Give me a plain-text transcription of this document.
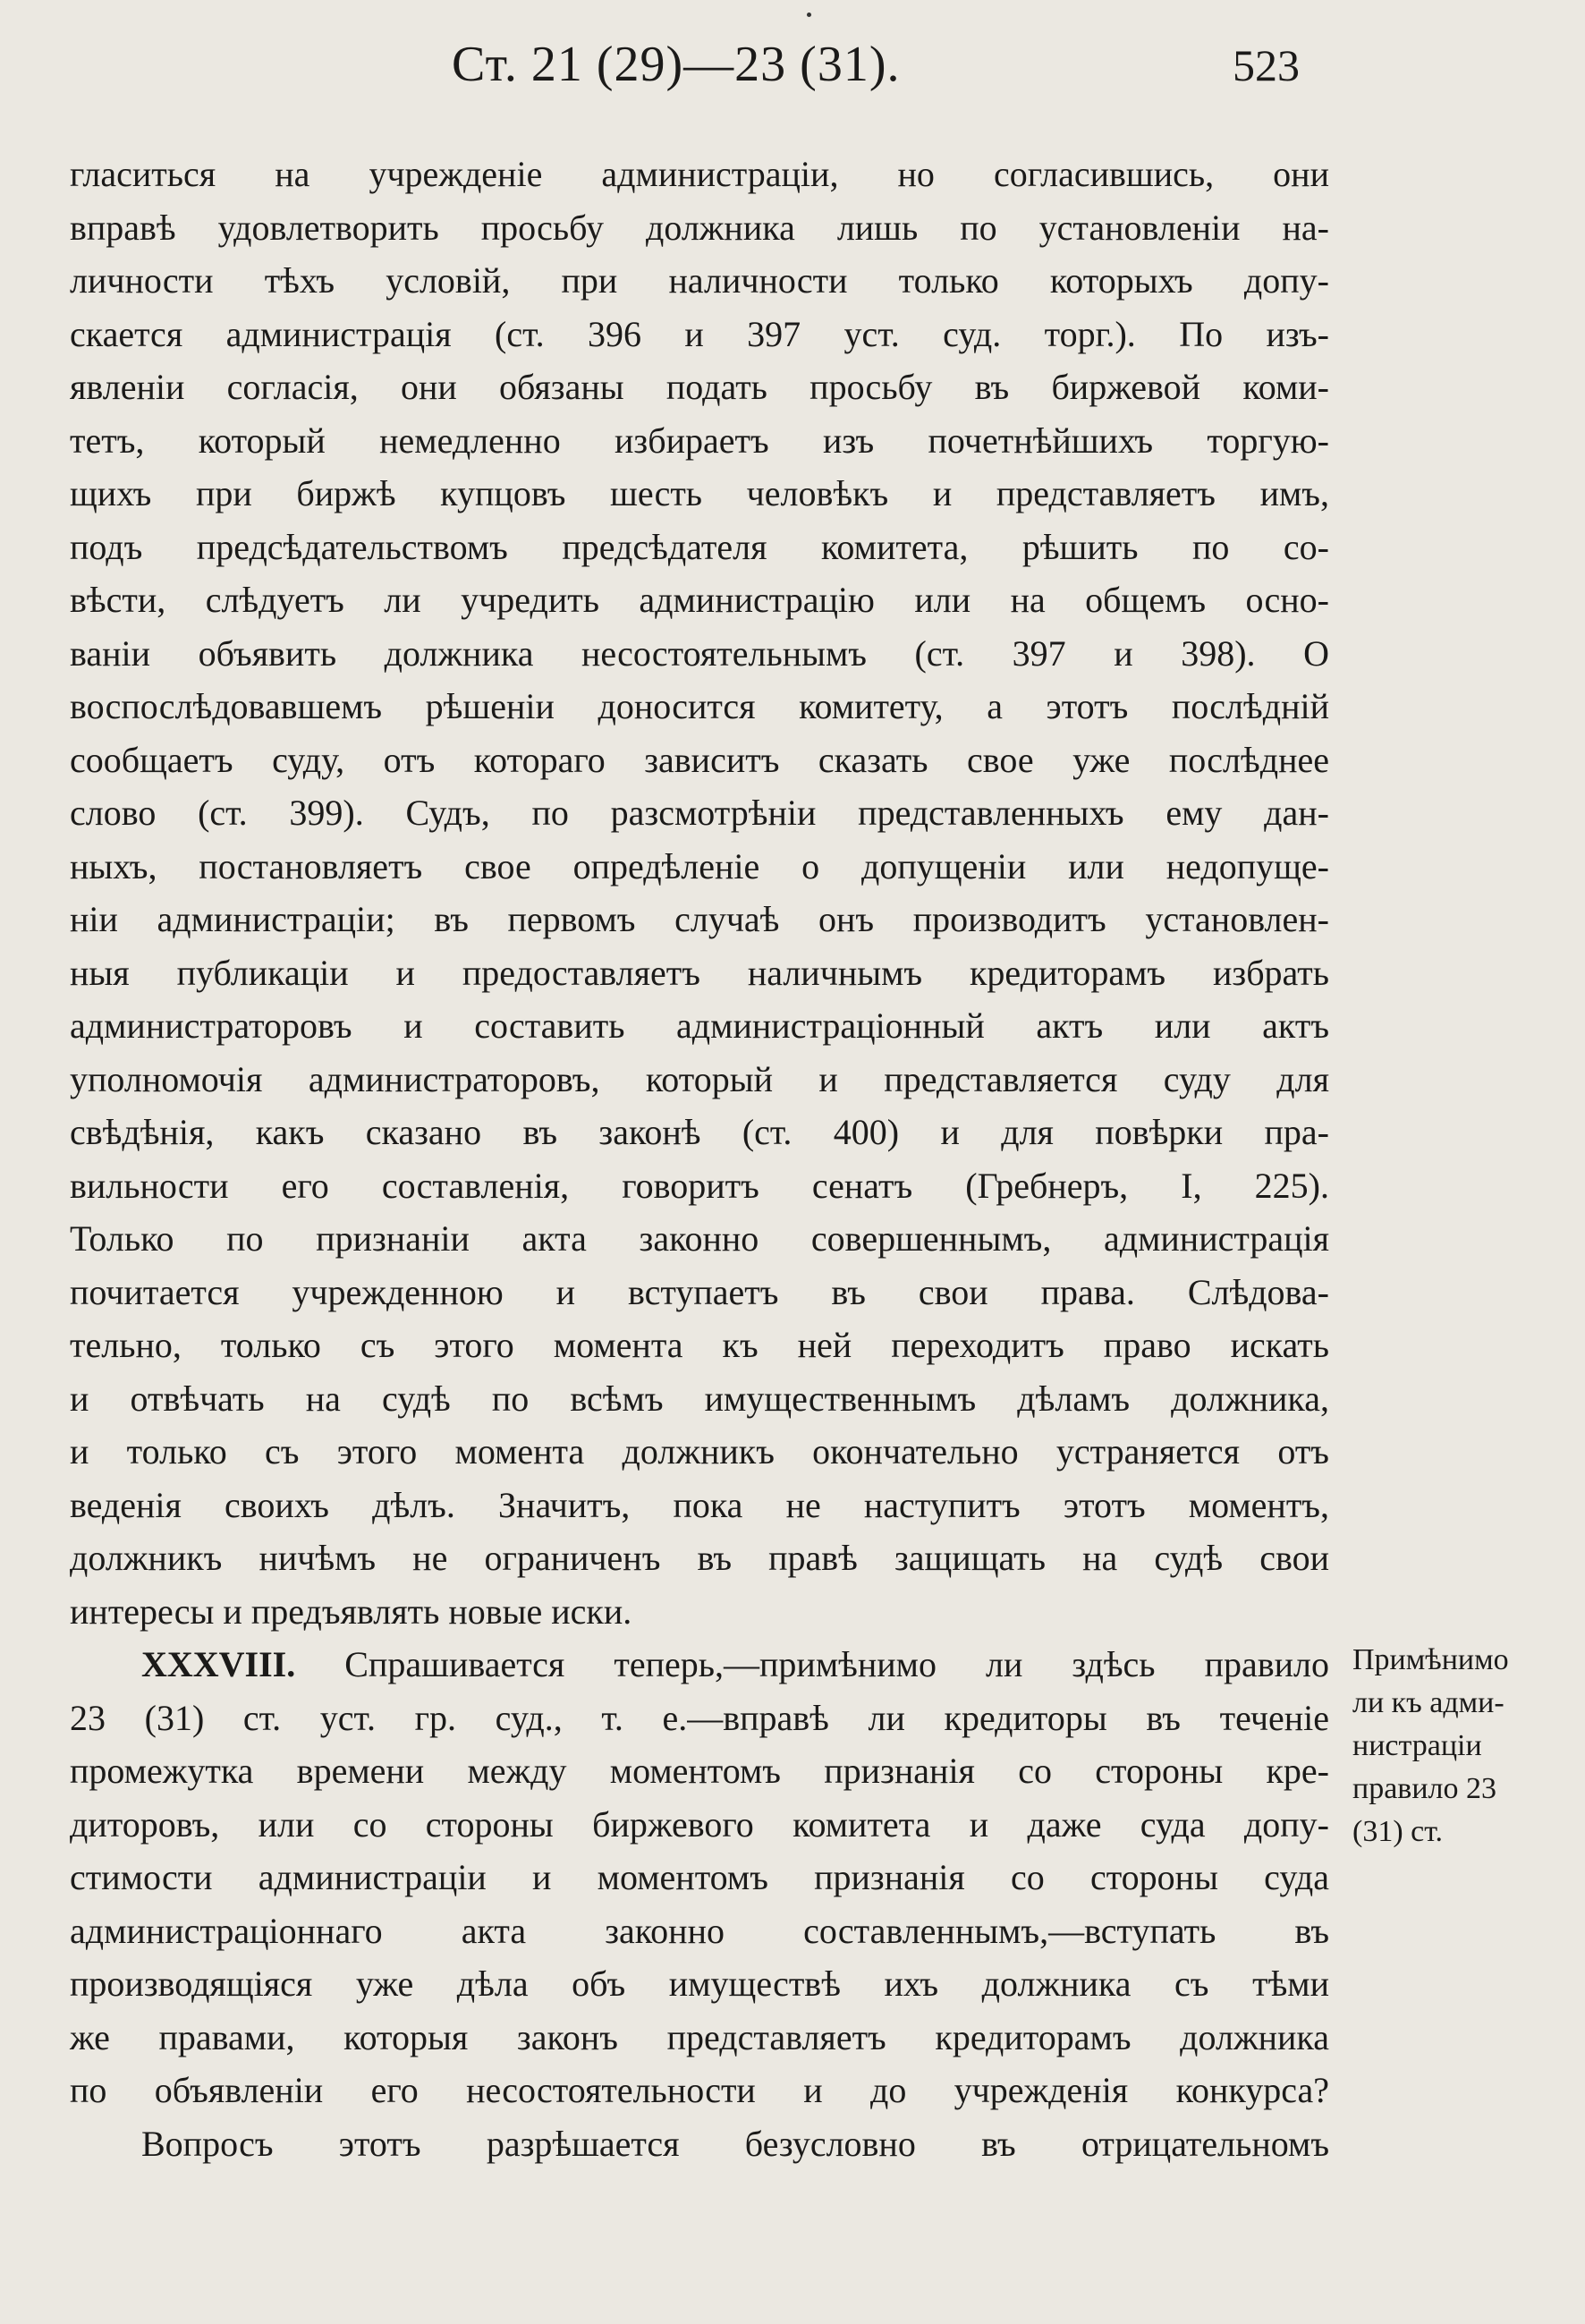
Ст. 21 (29)—23 (31).	523

гласиться на учрежденіе администраціи, но согласившись, они
вправѣ удовлетворить просьбу должника лишь по установленіи на-
личности тѣхъ условій, при наличности только которыхъ допу-
скается администрація (ст. 396 и 397 уст. суд. торг.). По изъ-
явленіи согласія, они обязаны подать просьбу въ биржевой коми-
тетъ, который немедленно избираетъ изъ почетнѣйшихъ торгую-
щихъ при биржѣ купцовъ шесть человѣкъ и представляетъ имъ,
подъ предсѣдательствомъ предсѣдателя комитета, рѣшить по со-
вѣсти, слѣдуетъ ли учредить администрацію или на общемъ осно-
ваніи объявить должника несостоятельнымъ (ст. 397 и 398). О
воспослѣдовавшемъ рѣшеніи доносится комитету, а этотъ послѣдній
сообщаетъ суду, отъ котораго зависитъ сказать свое уже послѣднее
слово (ст. 399). Судъ, по разсмотрѣніи представленныхъ ему дан-
ныхъ, постановляетъ свое опредѣленіе о допущеніи или недопуще-
ніи администраціи; въ первомъ случаѣ онъ производитъ установлен-
ныя публикаціи и предоставляетъ наличнымъ кредиторамъ избрать
администраторовъ и составить администраціонный актъ или актъ
уполномочія администраторовъ, который и представляется суду для
свѣдѣнія, какъ сказано въ законѣ (ст. 400) и для повѣрки пра-
вильности его составленія, говоритъ сенатъ (Гребнеръ, I, 225).
Только по признаніи акта законно совершеннымъ, администрація
почитается учрежденною и вступаетъ въ свои права. Слѣдова-
тельно, только съ этого момента къ ней переходитъ право искать
и отвѣчать на судѣ по всѣмъ имущественнымъ дѣламъ должника,
и только съ этого момента должникъ окончательно устраняется отъ
веденія своихъ дѣлъ. Значитъ, пока не наступитъ этотъ моментъ,
должникъ ничѣмъ не ограниченъ въ правѣ защищать на судѣ свои
интересы и предъявлять новые иски.
XXXVIII. Спрашивается теперь,—примѣнимо ли здѣсь правило
23 (31) ст. уст. гр. суд., т. е.—вправѣ ли кредиторы въ теченіе
промежутка времени между моментомъ признанія со стороны кре-
диторовъ, или со стороны биржевого комитета и даже суда допу-
стимости администраціи и моментомъ признанія со стороны суда
администраціоннаго акта законно составленнымъ,—вступать въ
производящіяся уже дѣла объ имуществѣ ихъ должника съ тѣми
же правами, которыя законъ представляетъ кредиторамъ должника
по объявленіи его несостоятельности и до учрежденія конкурса?
Вопросъ этотъ разрѣшается безусловно въ отрицательномъ
Примѣнимо
ли къ адми-
нистраціи
правило 23
(31) ст.
